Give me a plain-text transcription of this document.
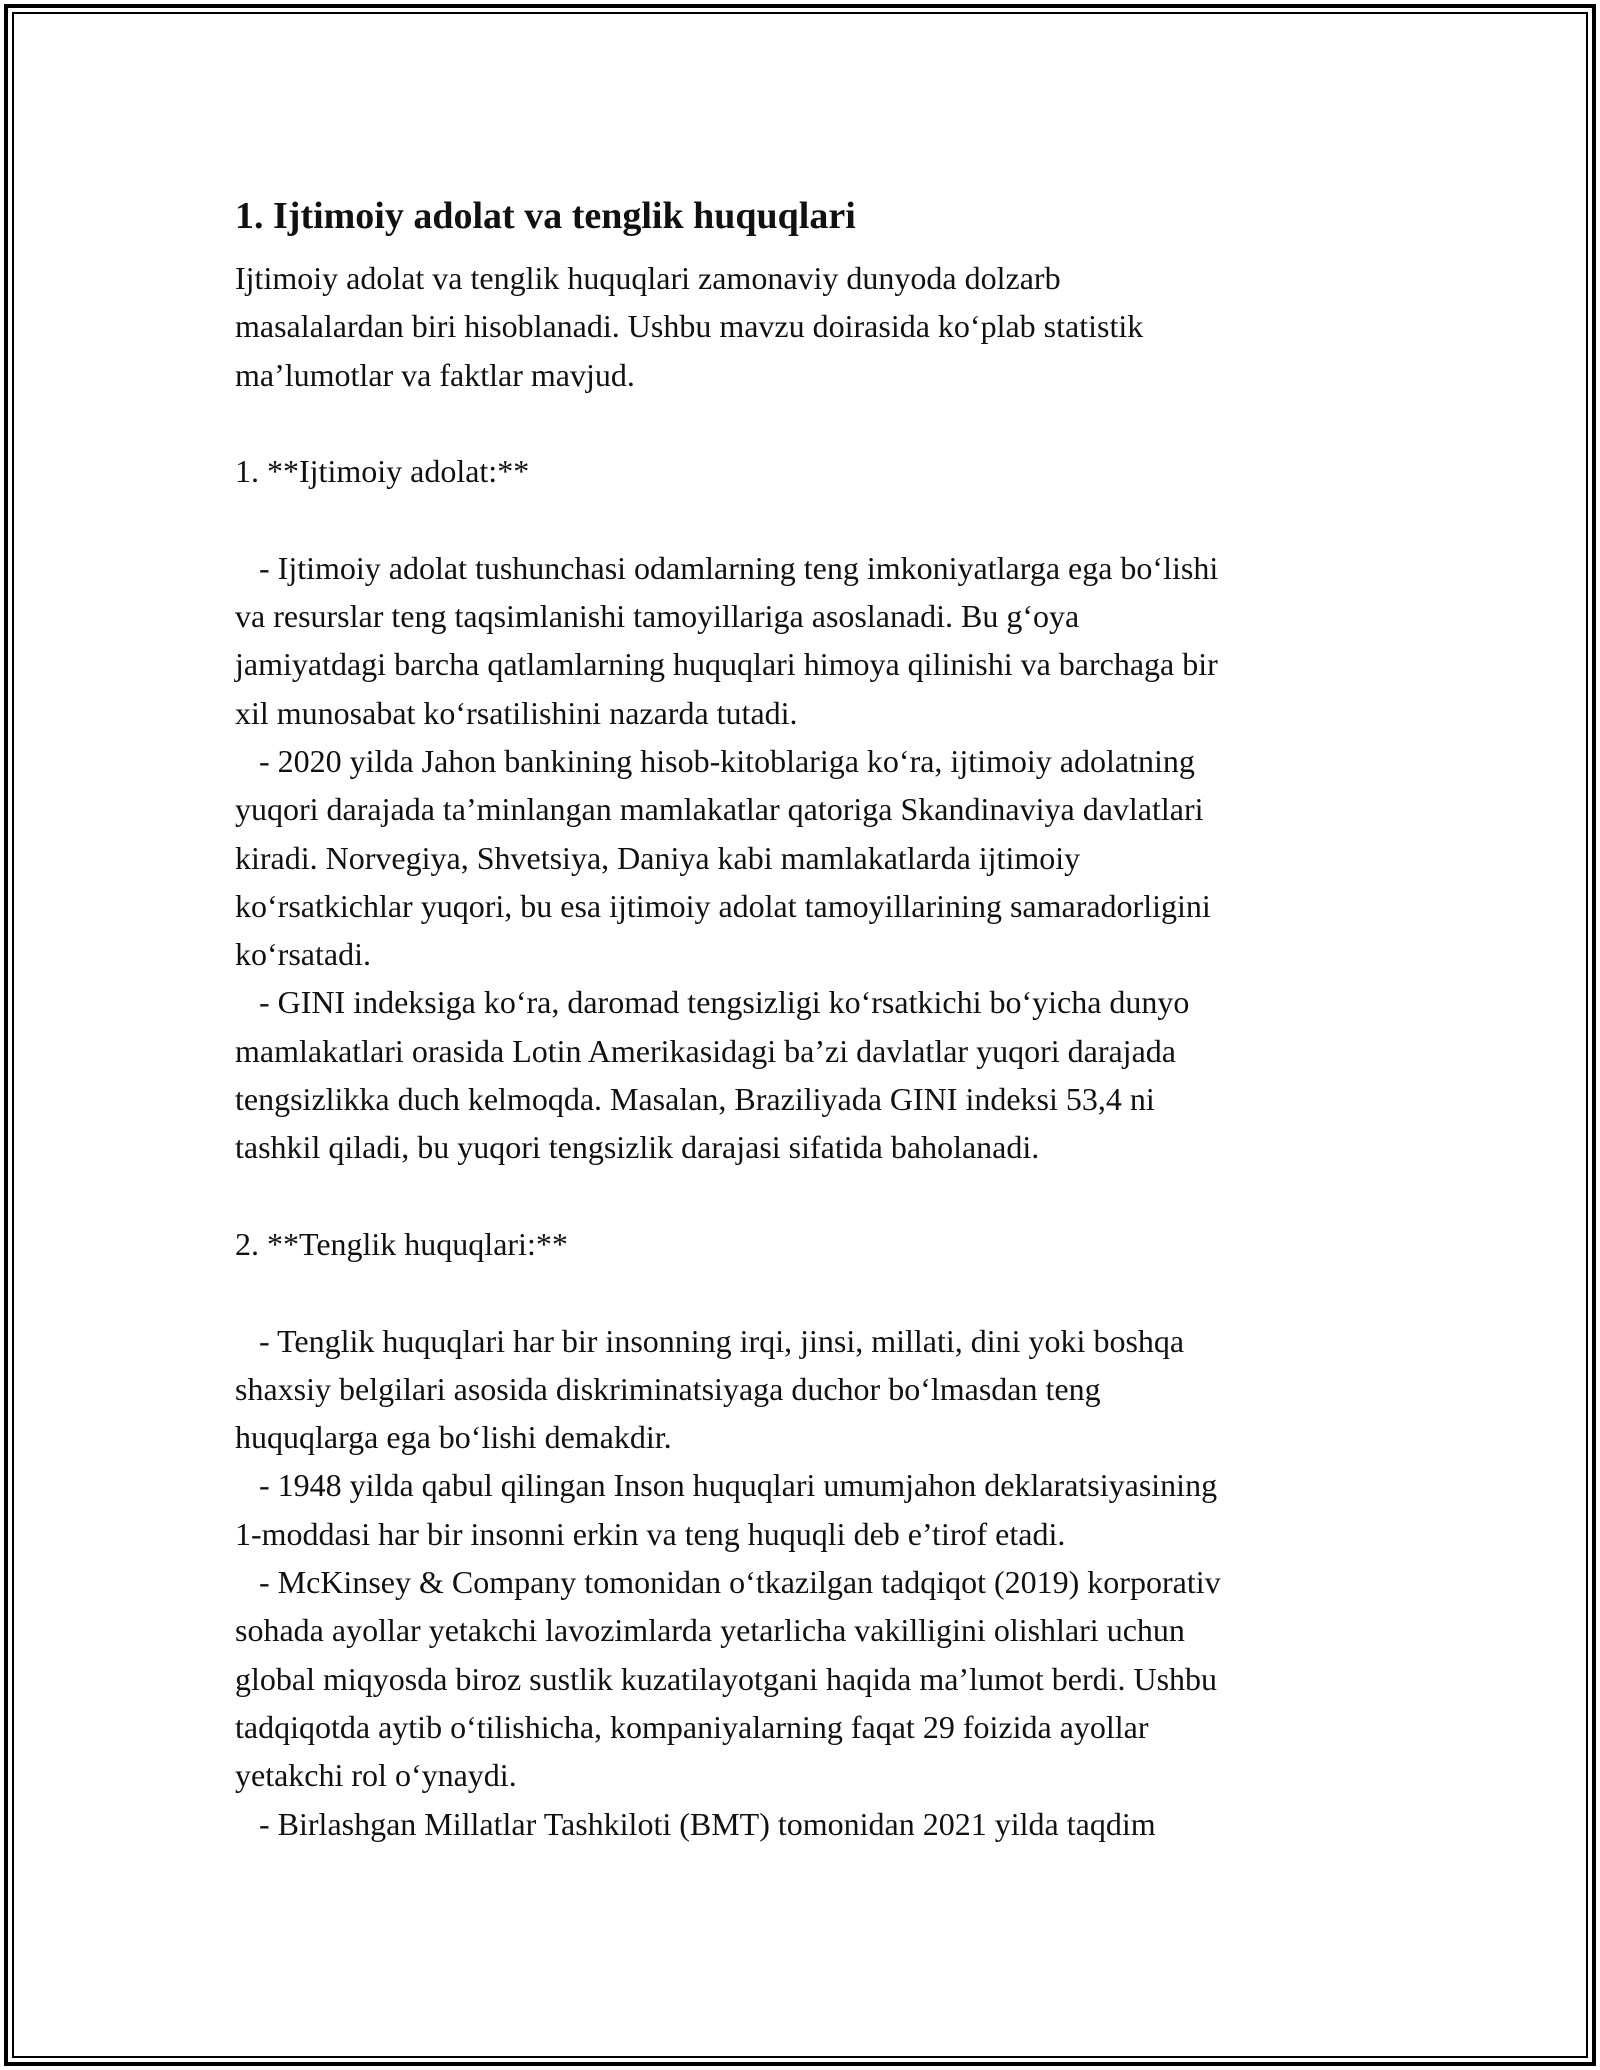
1. Ijtimoiy adolat va tenglik huquqlari

Ijtimoiy adolat va tenglik huquqlari zamonaviy dunyoda dolzarb

masalalardan biri hisoblanadi. Ushbu mavzu doirasida ko‘plab statistik

ma’lumotlar va faktlar mavjud.

1. **Ijtimoiy adolat:**

- Ijtimoiy adolat tushunchasi odamlarning teng imkoniyatlarga ega bo‘lishi

va resurslar teng taqsimlanishi tamoyillariga asoslanadi. Bu g‘oya

jamiyatdagi barcha qatlamlarning huquqlari himoya qilinishi va barchaga bir

xil munosabat ko‘rsatilishini nazarda tutadi.

- 2020 yilda Jahon bankining hisob-kitoblariga ko‘ra, ijtimoiy adolatning

yuqori darajada ta’minlangan mamlakatlar qatoriga Skandinaviya davlatlari

kiradi. Norvegiya, Shvetsiya, Daniya kabi mamlakatlarda ijtimoiy

ko‘rsatkichlar yuqori, bu esa ijtimoiy adolat tamoyillarining samaradorligini

ko‘rsatadi.

- GINI indeksiga ko‘ra, daromad tengsizligi ko‘rsatkichi bo‘yicha dunyo

mamlakatlari orasida Lotin Amerikasidagi ba’zi davlatlar yuqori darajada

tengsizlikka duch kelmoqda. Masalan, Braziliyada GINI indeksi 53,4 ni

tashkil qiladi, bu yuqori tengsizlik darajasi sifatida baholanadi.

2. **Tenglik huquqlari:**

- Tenglik huquqlari har bir insonning irqi, jinsi, millati, dini yoki boshqa

shaxsiy belgilari asosida diskriminatsiyaga duchor bo‘lmasdan teng

huquqlarga ega bo‘lishi demakdir.

- 1948 yilda qabul qilingan Inson huquqlari umumjahon deklaratsiyasining

1-moddasi har bir insonni erkin va teng huquqli deb e’tirof etadi.

- McKinsey & Company tomonidan o‘tkazilgan tadqiqot (2019) korporativ

sohada ayollar yetakchi lavozimlarda yetarlicha vakilligini olishlari uchun

global miqyosda biroz sustlik kuzatilayotgani haqida ma’lumot berdi. Ushbu

tadqiqotda aytib o‘tilishicha, kompaniyalarning faqat 29 foizida ayollar

yetakchi rol o‘ynaydi.

- Birlashgan Millatlar Tashkiloti (BMT) tomonidan 2021 yilda taqdim
